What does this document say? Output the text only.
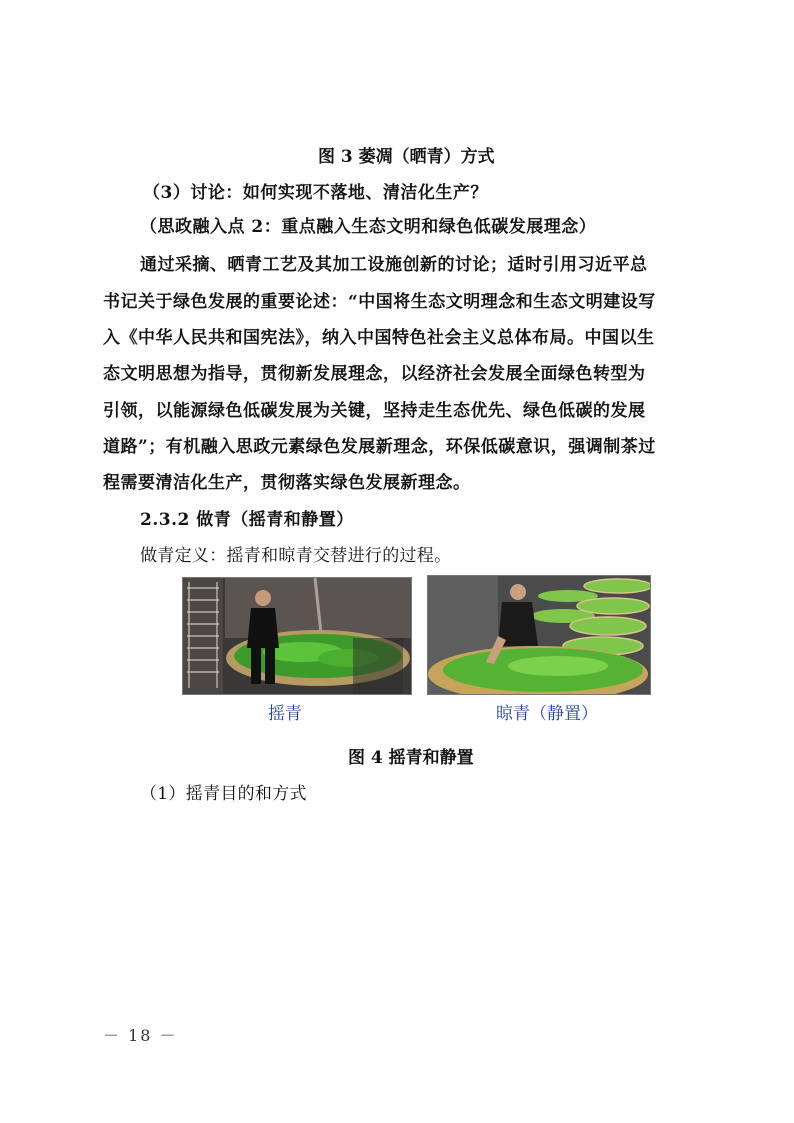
图 3 萎凋（晒青）方式
（3）讨论：如何实现不落地、清洁化生产？
（思政融入点 2：重点融入生态文明和绿色低碳发展理念）
通过采摘、晒青工艺及其加工设施创新的讨论；适时引用习近平总
书记关于绿色发展的重要论述：“中国将生态文明理念和生态文明建设写
入《中华人民共和国宪法》，纳入中国特色社会主义总体布局。中国以生
态文明思想为指导，贯彻新发展理念，以经济社会发展全面绿色转型为
引领，以能源绿色低碳发展为关键，坚持走生态优先、绿色低碳的发展
道路”；有机融入思政元素绿色发展新理念，环保低碳意识，强调制茶过
程需要清洁化生产，贯彻落实绿色发展新理念。
2.3.2 做青（摇青和静置）
做青定义：摇青和晾青交替进行的过程。
摇青	晾青（静置）
图 4 摇青和静置
（1）摇青目的和方式
－ 18 －
